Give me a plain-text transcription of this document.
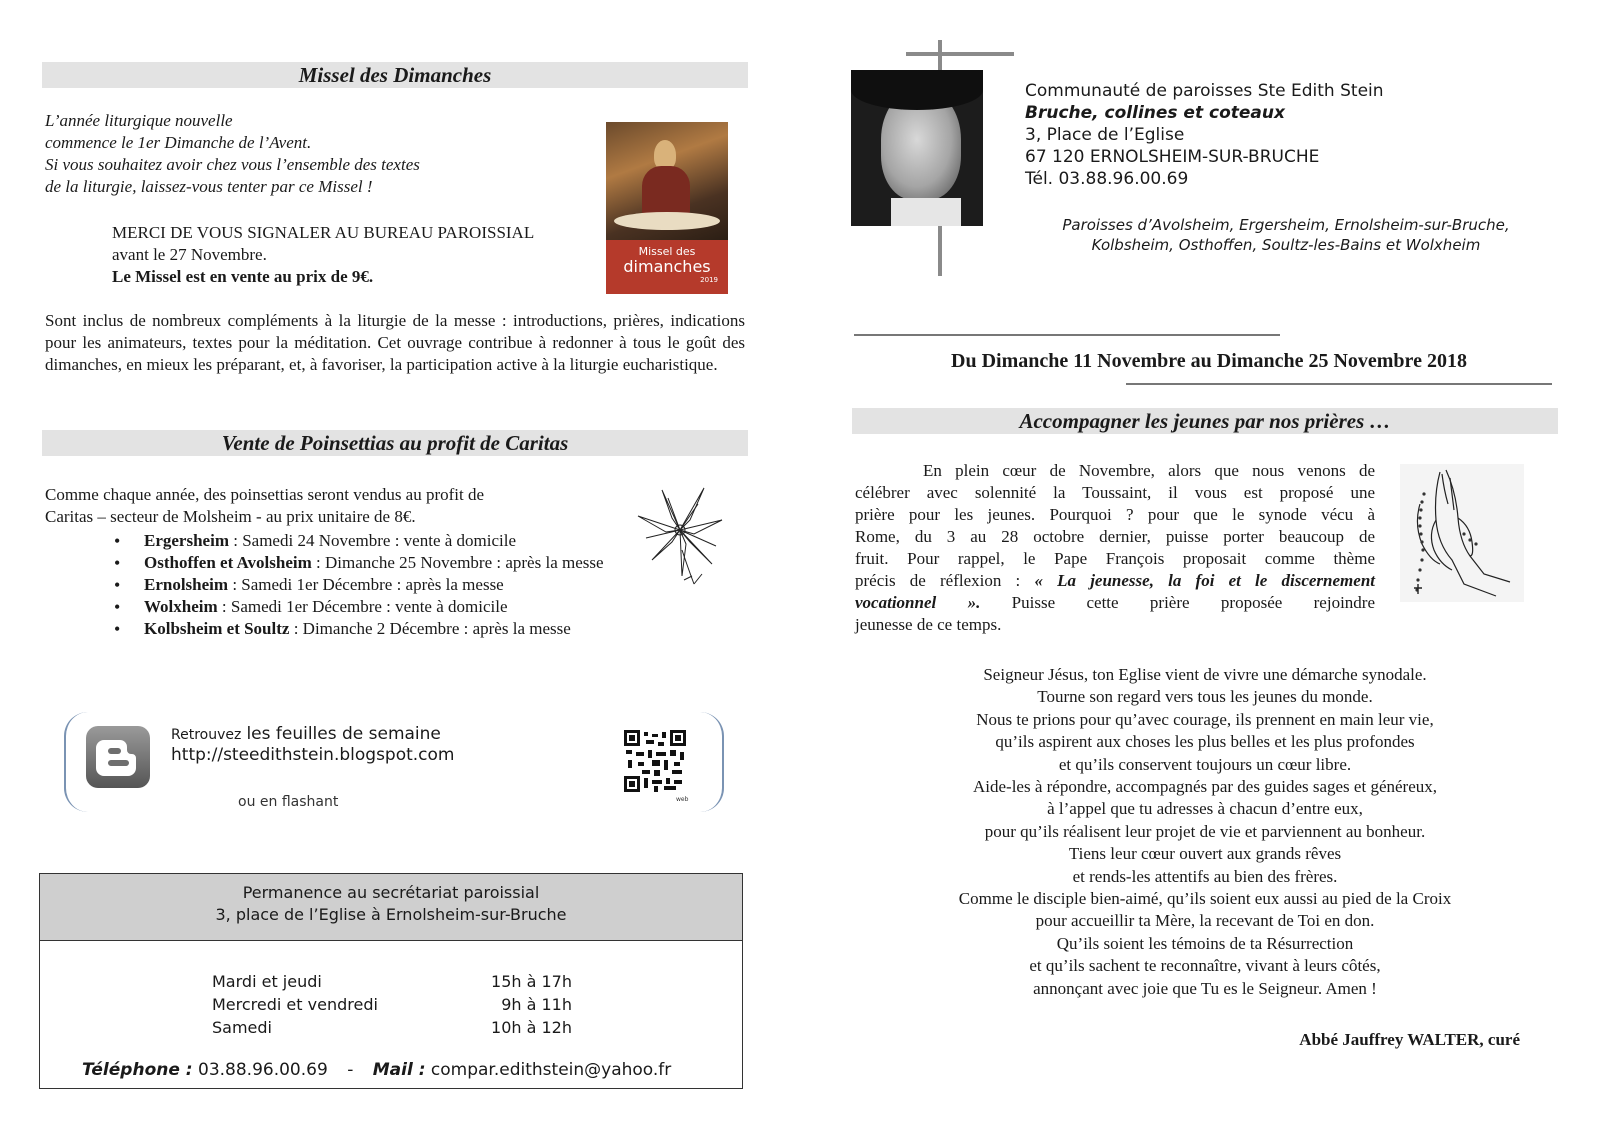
Missel des Dimanches
L’année liturgique nouvelle
commence le 1er Dimanche de l’Avent.
Si vous souhaitez avoir chez vous l’ensemble des textes
de la liturgie, laissez-vous tenter par ce Missel !
MERCI DE VOUS SIGNALER AU BUREAU PAROISSIAL
avant le 27 Novembre.
Le Missel est en vente au prix de 9€.
Missel des
dimanches
2019
Sont inclus de nombreux compléments à la liturgie de la messe : introductions, prières, indications pour les animateurs, textes pour la méditation. Cet ouvrage contribue à redonner à tous le goût des dimanches, en mieux les préparant, et, à favoriser, la participation active à la liturgie eucharistique.
Vente de Poinsettias au profit de Caritas
Comme chaque année, des poinsettias seront vendus au profit de
Caritas – secteur de Molsheim - au prix unitaire de 8€.
• Ergersheim : Samedi 24 Novembre : vente à domicile
• Osthoffen et Avolsheim : Dimanche 25 Novembre : après la messe
• Ernolsheim : Samedi 1er Décembre : après la messe
• Wolxheim : Samedi 1er Décembre : vente à domicile
• Kolbsheim et Soultz : Dimanche 2 Décembre : après la messe
Retrouvez les feuilles de semaine
http://steedithstein.blogspot.com
ou en flashant	web
Permanence au secrétariat paroissial
3, place de l’Eglise à Ernolsheim-sur-Bruche
Mardi et jeudi	15h à 17h
Mercredi et vendredi	9h à 11h
Samedi	10h à 12h
Téléphone : 03.88.96.00.69 - Mail : compar.edithstein@yahoo.fr
Communauté de paroisses Ste Edith Stein
Bruche, collines et coteaux
3, Place de l’Eglise
67 120 ERNOLSHEIM-SUR-BRUCHE
Tél. 03.88.96.00.69
Paroisses d’Avolsheim, Ergersheim, Ernolsheim-sur-Bruche,
Kolbsheim, Osthoffen, Soultz-les-Bains et Wolxheim
Du Dimanche 11 Novembre au Dimanche 25 Novembre 2018
Accompagner les jeunes par nos prières …
En plein cœur de Novembre, alors que nous venons de
célébrer avec solennité la Toussaint, il vous est proposé une
prière pour les jeunes. Pourquoi ? pour que le synode vécu à
Rome, du 3 au 28 octobre dernier, puisse porter beaucoup de
fruit. Pour rappel, le Pape François proposait comme thème
précis de réflexion : « La jeunesse, la foi et le discernement
vocationnel ». Puisse cette prière proposée rejoindre
jeunesse de ce temps.
Seigneur Jésus, ton Eglise vient de vivre une démarche synodale.
Tourne son regard vers tous les jeunes du monde.
Nous te prions pour qu’avec courage, ils prennent en main leur vie,
qu’ils aspirent aux choses les plus belles et les plus profondes
et qu’ils conservent toujours un cœur libre.
Aide-les à répondre, accompagnés par des guides sages et généreux,
à l’appel que tu adresses à chacun d’entre eux,
pour qu’ils réalisent leur projet de vie et parviennent au bonheur.
Tiens leur cœur ouvert aux grands rêves
et rends-les attentifs au bien des frères.
Comme le disciple bien-aimé, qu’ils soient eux aussi au pied de la Croix
pour accueillir ta Mère, la recevant de Toi en don.
Qu’ils soient les témoins de ta Résurrection
et qu’ils sachent te reconnaître, vivant à leurs côtés,
annonçant avec joie que Tu es le Seigneur. Amen !
Abbé Jauffrey WALTER, curé
